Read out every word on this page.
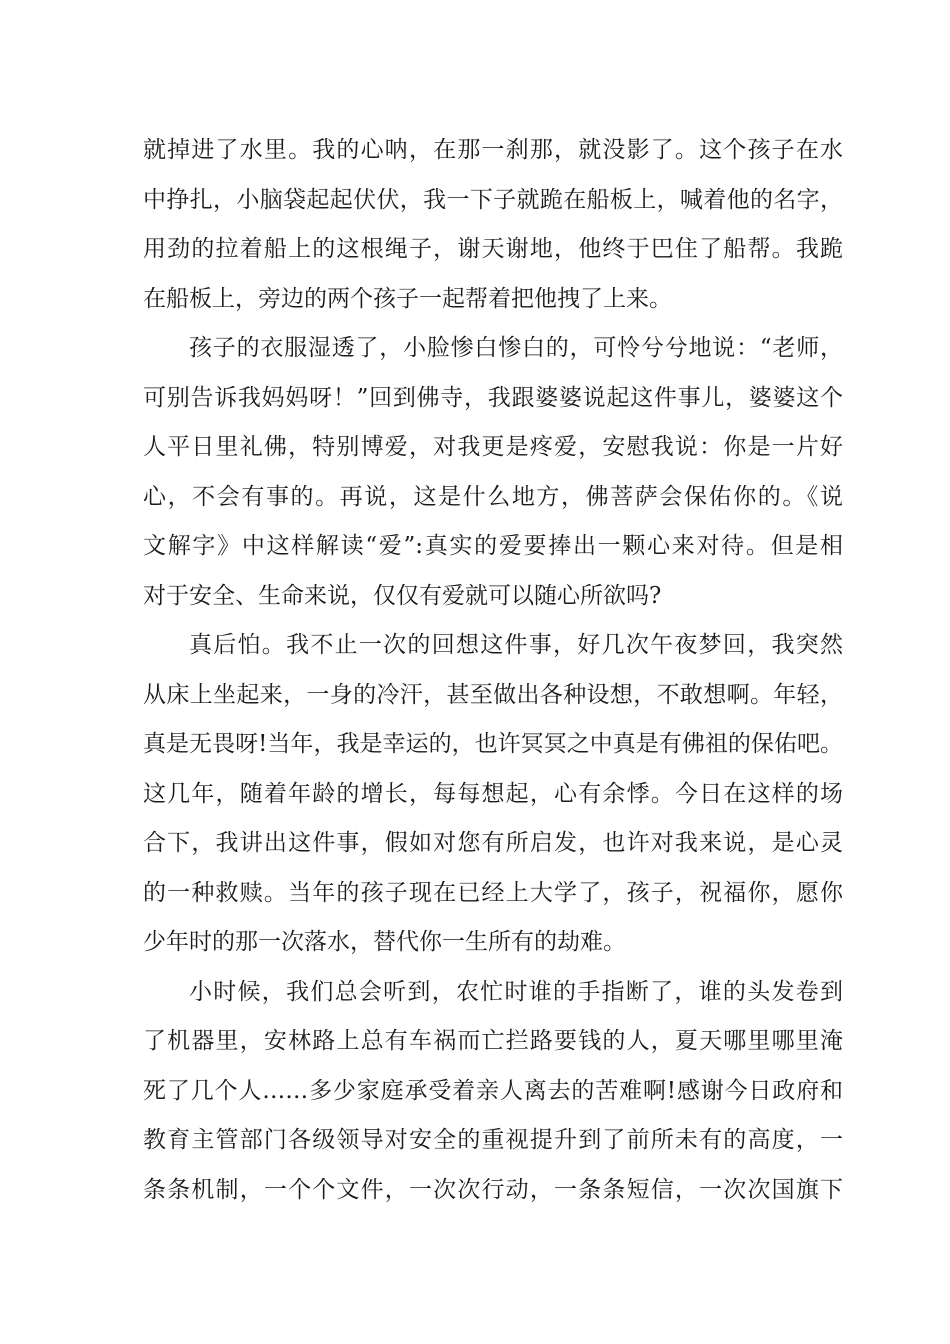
就掉进了水里。我的心呐，在那一刹那，就没影了。这个孩子在水
中挣扎，小脑袋起起伏伏，我一下子就跪在船板上，喊着他的名字，
用劲的拉着船上的这根绳子，谢天谢地，他终于巴住了船帮。我跪
在船板上，旁边的两个孩子一起帮着把他拽了上来。
孩子的衣服湿透了，小脸惨白惨白的，可怜兮兮地说：“老师，
可别告诉我妈妈呀！”回到佛寺，我跟婆婆说起这件事儿，婆婆这个
人平日里礼佛，特别博爱，对我更是疼爱，安慰我说：你是一片好
心，不会有事的。再说，这是什么地方，佛菩萨会保佑你的。《说
文解字》中这样解读“爱”:真实的爱要捧出一颗心来对待。但是相
对于安全、生命来说，仅仅有爱就可以随心所欲吗?
真后怕。我不止一次的回想这件事，好几次午夜梦回，我突然
从床上坐起来，一身的冷汗，甚至做出各种设想，不敢想啊。年轻，
真是无畏呀!当年，我是幸运的，也许冥冥之中真是有佛祖的保佑吧。
这几年，随着年龄的增长，每每想起，心有余悸。今日在这样的场
合下，我讲出这件事，假如对您有所启发，也许对我来说，是心灵
的一种救赎。当年的孩子现在已经上大学了，孩子，祝福你，愿你
少年时的那一次落水，替代你一生所有的劫难。
小时候，我们总会听到，农忙时谁的手指断了，谁的头发卷到
了机器里，安林路上总有车祸而亡拦路要钱的人，夏天哪里哪里淹
死了几个人……多少家庭承受着亲人离去的苦难啊!感谢今日政府和
教育主管部门各级领导对安全的重视提升到了前所未有的高度，一
条条机制，一个个文件，一次次行动，一条条短信，一次次国旗下
